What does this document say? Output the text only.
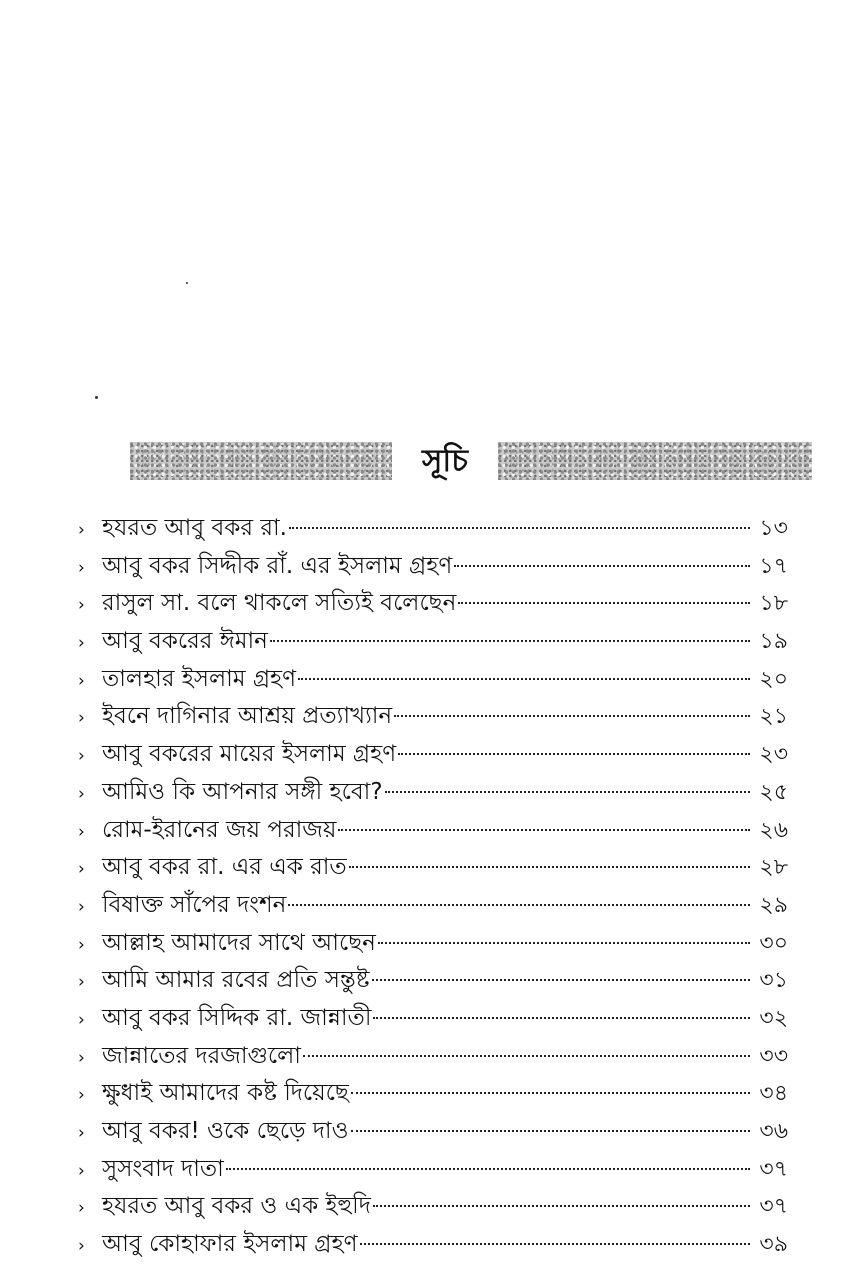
সূচি
› হযরত আবু বকর রা.	১৩
› আবু বকর সিদ্দীক রাঁ. এর ইসলাম গ্রহণ	১৭
› রাসুল সা. বলে থাকলে সত্যিই বলেছেন	১৮
› আবু বকরের ঈমান	১৯
› তালহার ইসলাম গ্রহণ	২০
› ইবনে দাগিনার আশ্রয় প্রত্যাখ্যান	২১
› আবু বকরের মায়ের ইসলাম গ্রহণ	২৩
› আমিও কি আপনার সঙ্গী হবো?	২৫
› রোম-ইরানের জয় পরাজয়	২৬
› আবু বকর রা. এর এক রাত	২৮
› বিষাক্ত সাঁপের দংশন	২৯
› আল্লাহ আমাদের সাথে আছেন	৩০
› আমি আমার রবের প্রতি সন্তুষ্ট	৩১
› আবু বকর সিদ্দিক রা. জান্নাতী	৩২
› জান্নাতের দরজাগুলো	৩৩
› ক্ষুধাই আমাদের কষ্ট দিয়েছে	৩৪
› আবু বকর! ওকে ছেড়ে দাও	৩৬
› সুসংবাদ দাতা	৩৭
› হযরত আবু বকর ও এক ইহুদি	৩৭
› আবু কোহাফার ইসলাম গ্রহণ	৩৯
